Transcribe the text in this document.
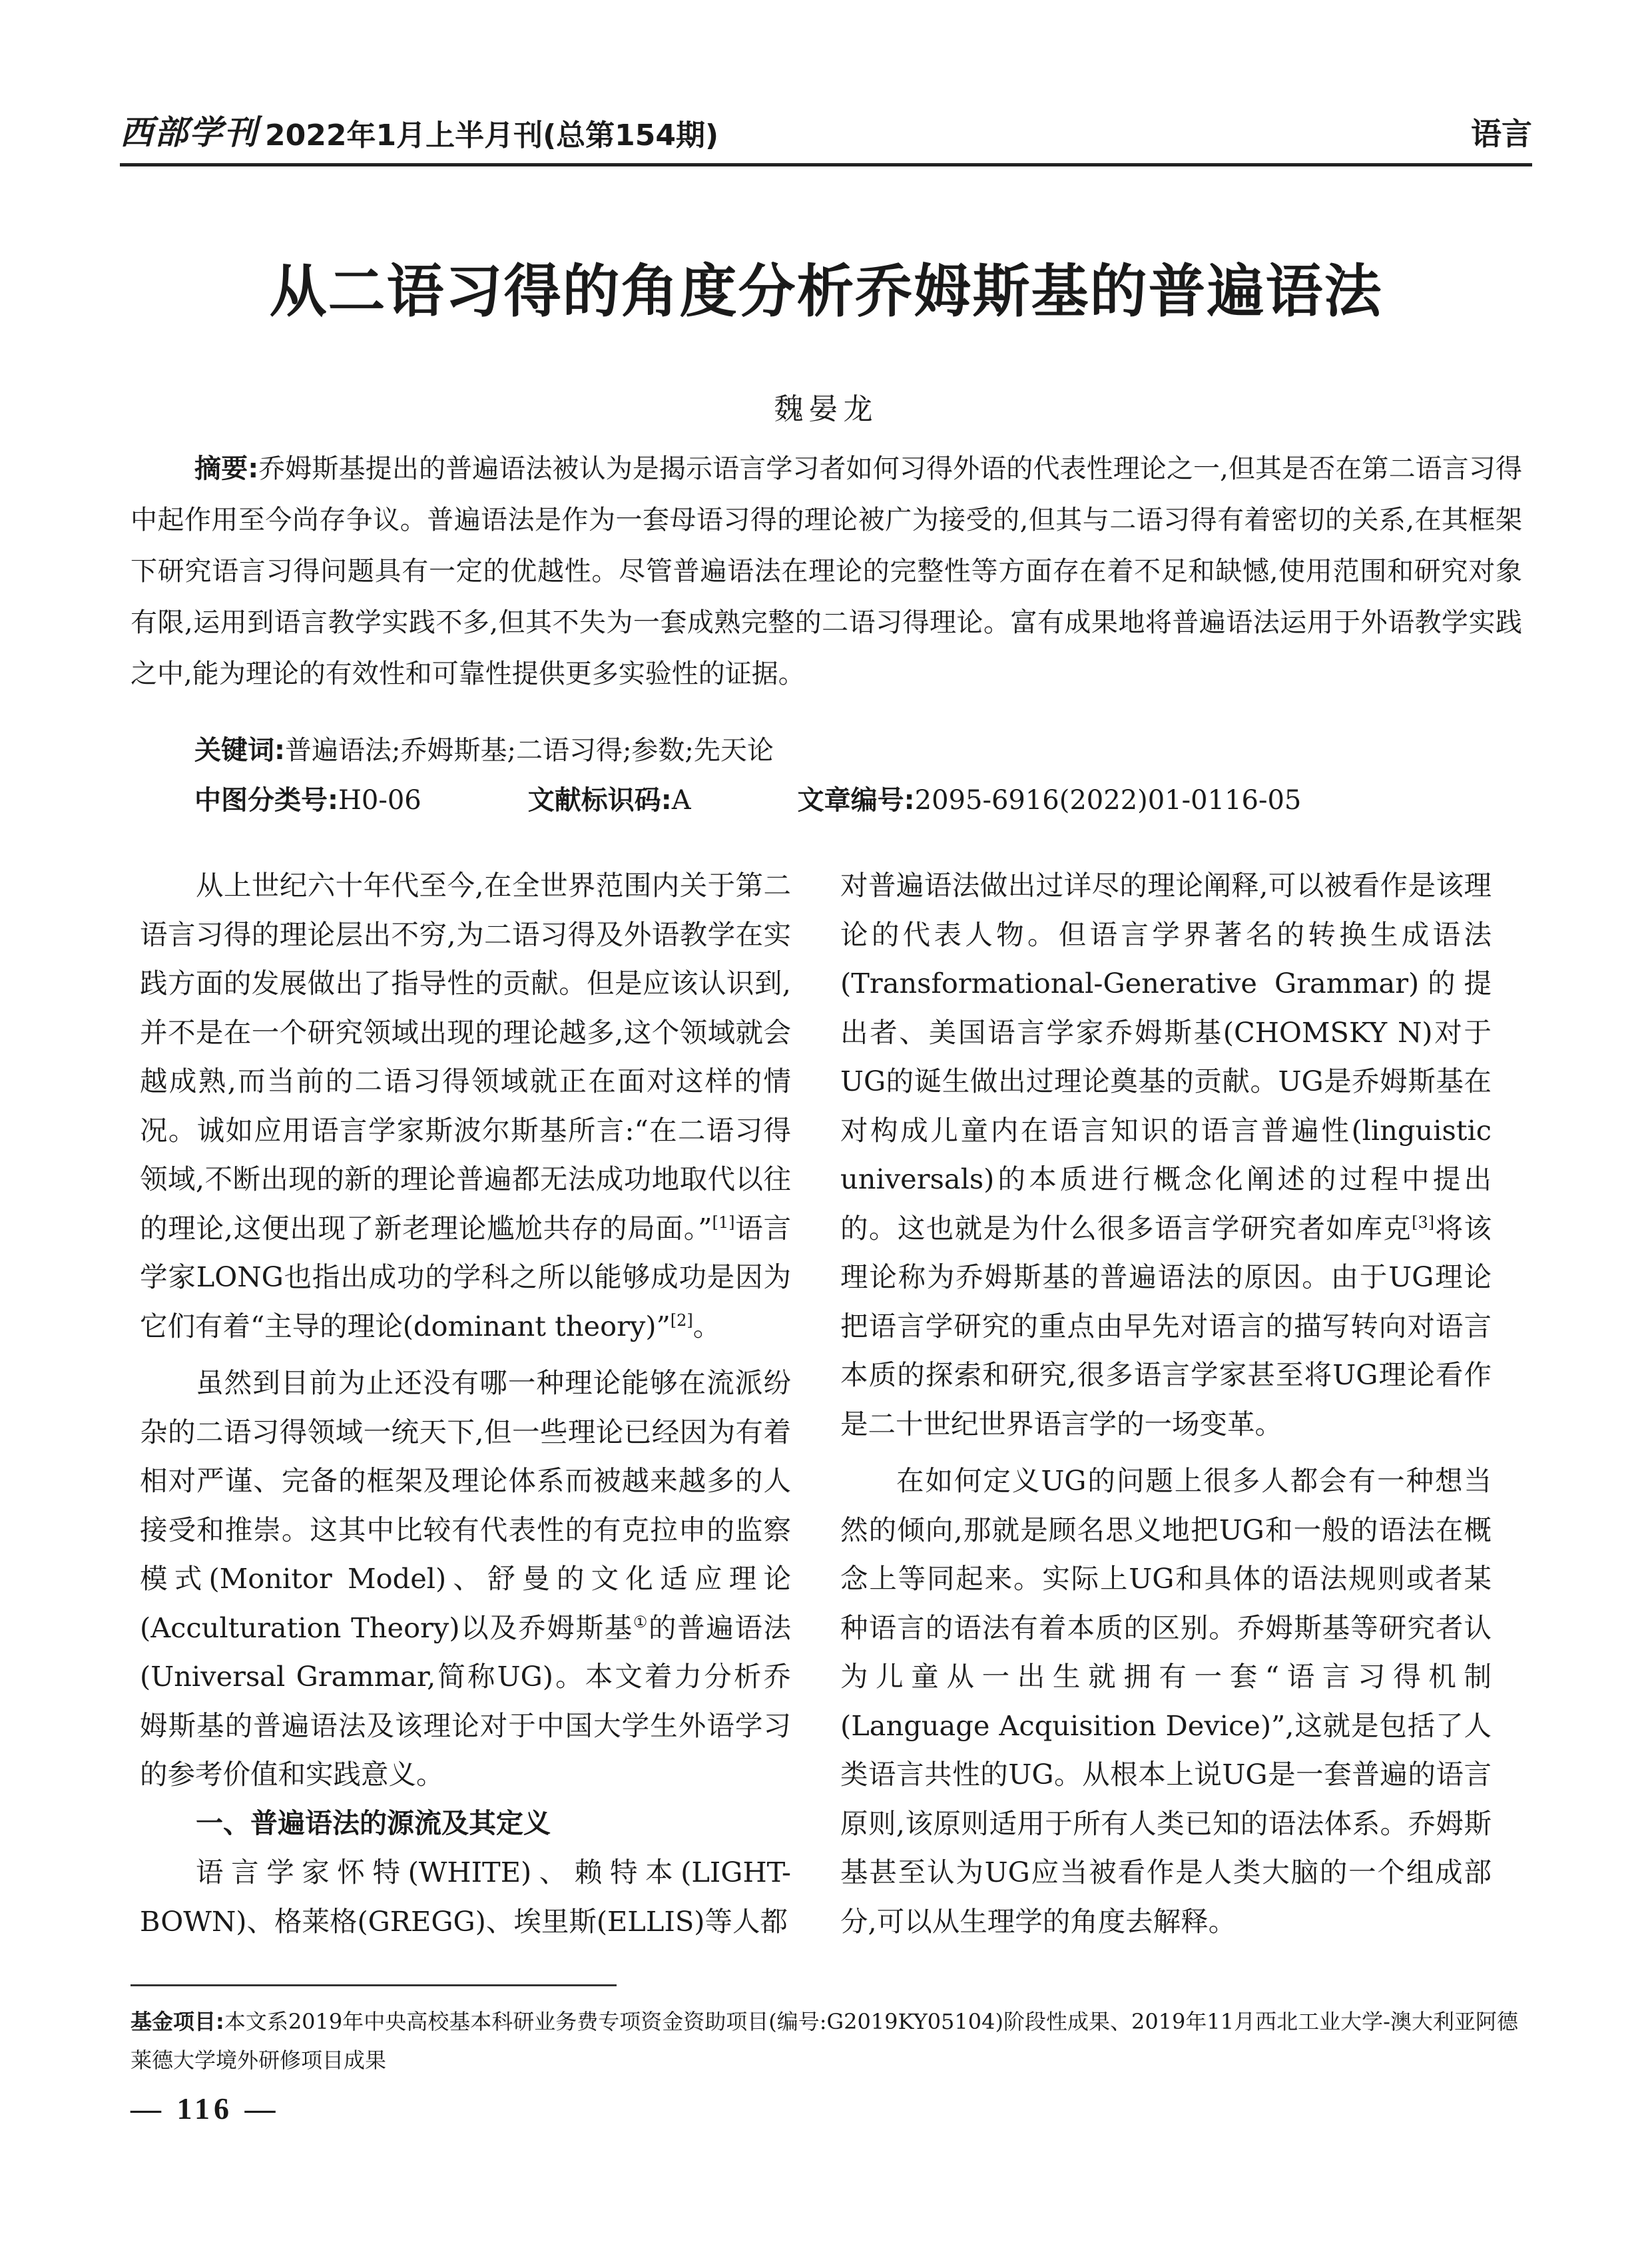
西部学刊 2022年1月上半月刊(总第154期)	语言
从二语习得的角度分析乔姆斯基的普遍语法
魏晏龙
摘要:乔姆斯基提出的普遍语法被认为是揭示语言学习者如何习得外语的代表性理论之一,但其是否在第二语言习得中起作用至今尚存争议。普遍语法是作为一套母语习得的理论被广为接受的,但其与二语习得有着密切的关系,在其框架下研究语言习得问题具有一定的优越性。尽管普遍语法在理论的完整性等方面存在着不足和缺憾,使用范围和研究对象有限,运用到语言教学实践不多,但其不失为一套成熟完整的二语习得理论。富有成果地将普遍语法运用于外语教学实践之中,能为理论的有效性和可靠性提供更多实验性的证据。
关键词:普遍语法;乔姆斯基;二语习得;参数;先天论
中图分类号:H0-06	文献标识码:A	文章编号:2095-6916(2022)01-0116-05

从上世纪六十年代至今,在全世界范围内关于第二语言习得的理论层出不穷,为二语习得及外语教学在实践方面的发展做出了指导性的贡献。但是应该认识到,并不是在一个研究领域出现的理论越多,这个领域就会越成熟,而当前的二语习得领域就正在面对这样的情况。诚如应用语言学家斯波尔斯基所言:“在二语习得领域,不断出现的新的理论普遍都无法成功地取代以往的理论,这便出现了新老理论尴尬共存的局面。”[1]语言学家LONG也指出成功的学科之所以能够成功是因为它们有着“主导的理论(dominant theory)”[2]。

虽然到目前为止还没有哪一种理论能够在流派纷杂的二语习得领域一统天下,但一些理论已经因为有着相对严谨、完备的框架及理论体系而被越来越多的人接受和推崇。这其中比较有代表性的有克拉申的监察模式(Monitor Model)、舒曼的文化适应理论(Acculturation Theory)以及乔姆斯基①的普遍语法(Universal Grammar,简称UG)。本文着力分析乔姆斯基的普遍语法及该理论对于中国大学生外语学习的参考价值和实践意义。

一、普遍语法的源流及其定义

语言学家怀特(WHITE)、赖特本(LIGHT-BOWN)、格莱格(GREGG)、埃里斯(ELLIS)等人都

对普遍语法做出过详尽的理论阐释,可以被看作是该理论的代表人物。但语言学界著名的转换生成语法(Transformational-Generative Grammar)的提出者、美国语言学家乔姆斯基(CHOMSKY N)对于UG的诞生做出过理论奠基的贡献。UG是乔姆斯基在对构成儿童内在语言知识的语言普遍性(linguistic universals)的本质进行概念化阐述的过程中提出的。这也就是为什么很多语言学研究者如库克[3]将该理论称为乔姆斯基的普遍语法的原因。由于UG理论把语言学研究的重点由早先对语言的描写转向对语言本质的探索和研究,很多语言学家甚至将UG理论看作是二十世纪世界语言学的一场变革。

在如何定义UG的问题上很多人都会有一种想当然的倾向,那就是顾名思义地把UG和一般的语法在概念上等同起来。实际上UG和具体的语法规则或者某种语言的语法有着本质的区别。乔姆斯基等研究者认为儿童从一出生就拥有一套“语言习得机制(Language Acquisition Device)”,这就是包括了人类语言共性的UG。从根本上说UG是一套普遍的语言原则,该原则适用于所有人类已知的语法体系。乔姆斯基甚至认为UG应当被看作是人类大脑的一个组成部分,可以从生理学的角度去解释。

基金项目:本文系2019年中央高校基本科研业务费专项资金资助项目(编号:G2019KY05104)阶段性成果、2019年11月西北工业大学-澳大利亚阿德莱德大学境外研修项目成果
— 116 —
